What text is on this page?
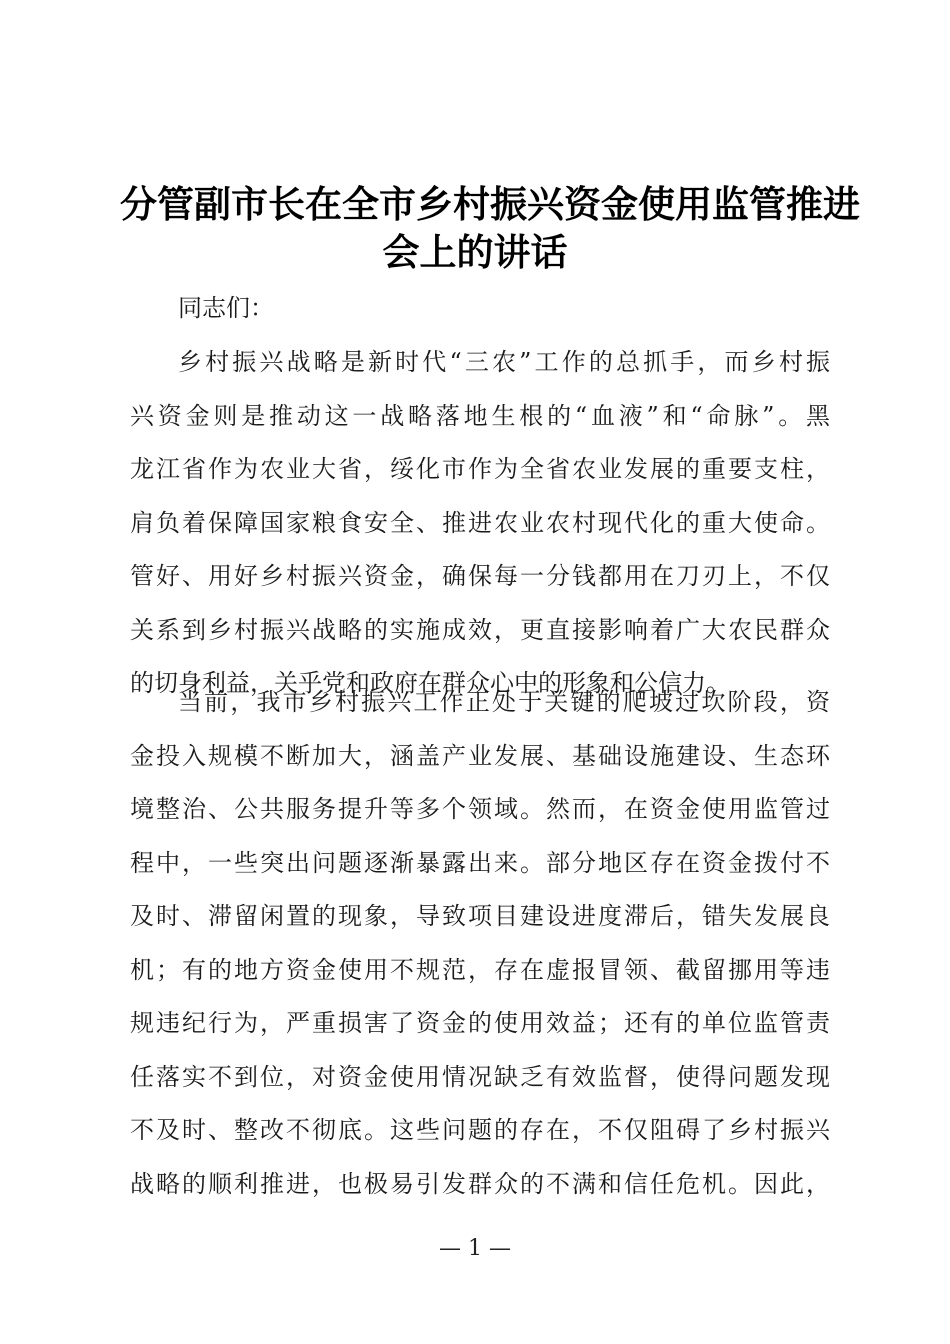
分管副市长在全市乡村振兴资金使用监管推进
会上的讲话
同志们：
乡村振兴战略是新时代“三农”工作的总抓手，而乡村振
兴资金则是推动这一战略落地生根的“血液”和“命脉”。黑
龙江省作为农业大省，绥化市作为全省农业发展的重要支柱，
肩负着保障国家粮食安全、推进农业农村现代化的重大使命。
管好、用好乡村振兴资金，确保每一分钱都用在刀刃上，不仅
关系到乡村振兴战略的实施成效，更直接影响着广大农民群众
的切身利益，关乎党和政府在群众心中的形象和公信力。
当前，我市乡村振兴工作正处于关键的爬坡过坎阶段，资
金投入规模不断加大，涵盖产业发展、基础设施建设、生态环
境整治、公共服务提升等多个领域。然而，在资金使用监管过
程中，一些突出问题逐渐暴露出来。部分地区存在资金拨付不
及时、滞留闲置的现象，导致项目建设进度滞后，错失发展良
机；有的地方资金使用不规范，存在虚报冒领、截留挪用等违
规违纪行为，严重损害了资金的使用效益；还有的单位监管责
任落实不到位，对资金使用情况缺乏有效监督，使得问题发现
不及时、整改不彻底。这些问题的存在，不仅阻碍了乡村振兴
战略的顺利推进，也极易引发群众的不满和信任危机。因此，
— 1 —
